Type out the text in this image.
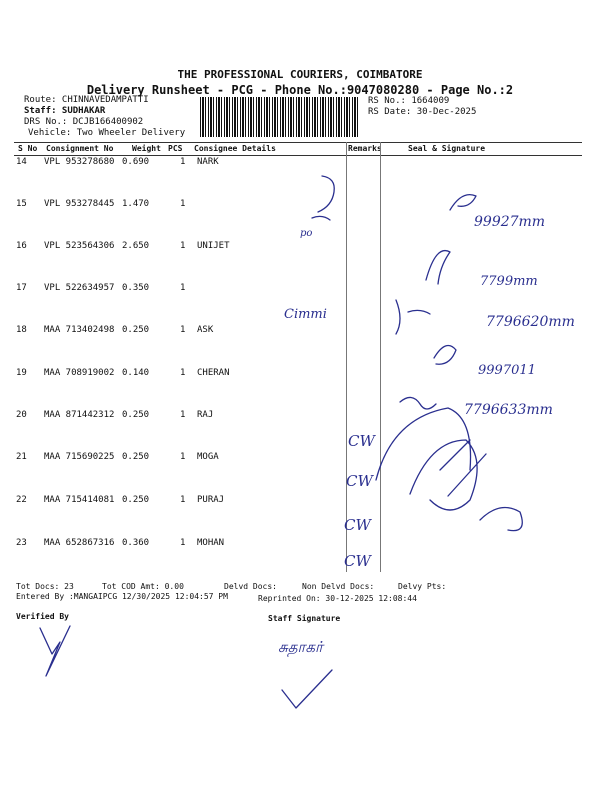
THE PROFESSIONAL COURIERS, COIMBATORE
Delivery Runsheet - PCG - Phone No.:9047080280 - Page No.:2
Route: CHINNAVEDAMPATTI
Staff: SUDHAKAR
DRS No.: DCJB166400902
Vehicle: Two Wheeler Delivery
RS No.: 1664009
RS Date: 30-Dec-2025
S No Consignment No Weight PCS Consignee Details	Remarks	Seal & Signature
14 VPL 953278680 0.690	1 NARK
15 VPL 953278445 1.470	1
16 VPL 523564306 2.650	1 UNIJET
17 VPL 522634957 0.350	1
18 MAA 713402498 0.250	1 ASK
19 MAA 708919002 0.140	1 CHERAN
20 MAA 871442312 0.250	1 RAJ
21 MAA 715690225 0.250	1 MOGA
22 MAA 715414081 0.250	1 PURAJ
23 MAA 652867316 0.360	1 MOHAN
po
99927mm
7799mm
Cimmi	7796620mm
9997011
7796633mm
CW
CW
CW
CW
சுதாகர்
Tot Docs: 23	Tot COD Amt: 0.00	Delvd Docs:	Non Delvd Docs:	Delvy Pts:
Entered By :MANGAIPCG 12/30/2025 12:04:57 PM	Reprinted On: 30-12-2025 12:08:44
Verified By	Staff Signature
